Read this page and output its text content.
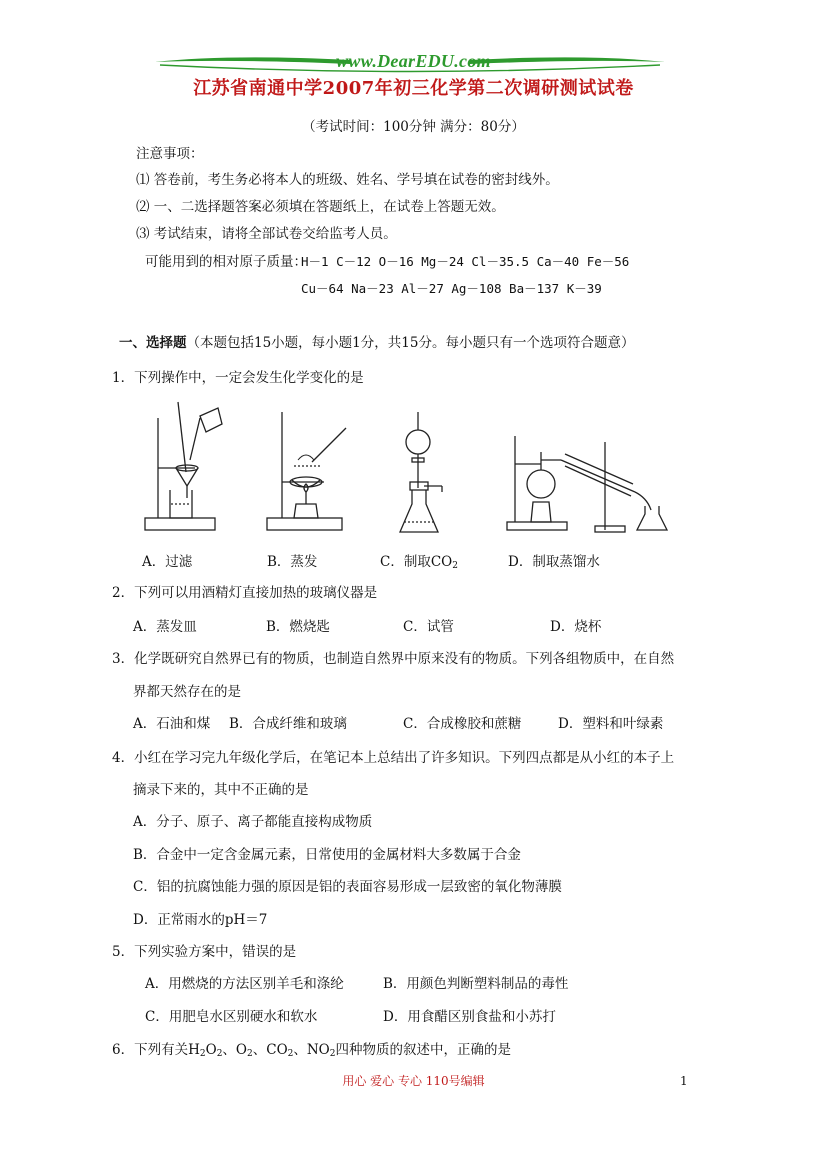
www.DearEDU.com
江苏省南通中学2007年初三化学第二次调研测试试卷
（考试时间：100分钟 满分：80分）
注意事项：
⑴ 答卷前，考生务必将本人的班级、姓名、学号填在试卷的密封线外。
⑵ 一、二选择题答案必须填在答题纸上，在试卷上答题无效。
⑶ 考试结束，请将全部试卷交给监考人员。
可能用到的相对原子质量：
H－1 C－12 O－16 Mg－24 Cl－35.5 Ca－40 Fe－56
Cu－64 Na－23 Al－27 Ag－108 Ba－137 K－39
一、选择题（本题包括15小题，每小题1分，共15分。每小题只有一个选项符合题意）
1．下列操作中，一定会发生化学变化的是
A．过滤	B．蒸发	C．制取$CO_2$	D．制取蒸馏水
2．下列可以用酒精灯直接加热的玻璃仪器是
A．蒸发皿	B．燃烧匙	C．试管	D．烧杯
3．化学既研究自然界已有的物质，也制造自然界中原来没有的物质。下列各组物质中，在自然
界都天然存在的是
A．石油和煤 B．合成纤维和玻璃	C．合成橡胶和蔗糖	D．塑料和叶绿素
4．小红在学习完九年级化学后，在笔记本上总结出了许多知识。下列四点都是从小红的本子上
摘录下来的，其中不正确的是
A．分子、原子、离子都能直接构成物质
B．合金中一定含金属元素，日常使用的金属材料大多数属于合金
C．铝的抗腐蚀能力强的原因是铝的表面容易形成一层致密的氧化物薄膜
D．正常雨水的pH＝7
5．下列实验方案中，错误的是
A．用燃烧的方法区别羊毛和涤纶	B．用颜色判断塑料制品的毒性
C．用肥皂水区别硬水和软水	D．用食醋区别食盐和小苏打
6．下列有关$H_2O_2$、$O_2$、$CO_2$、$NO_2$四种物质的叙述中，正确的是
用心 爱心 专心 110号编辑	1
